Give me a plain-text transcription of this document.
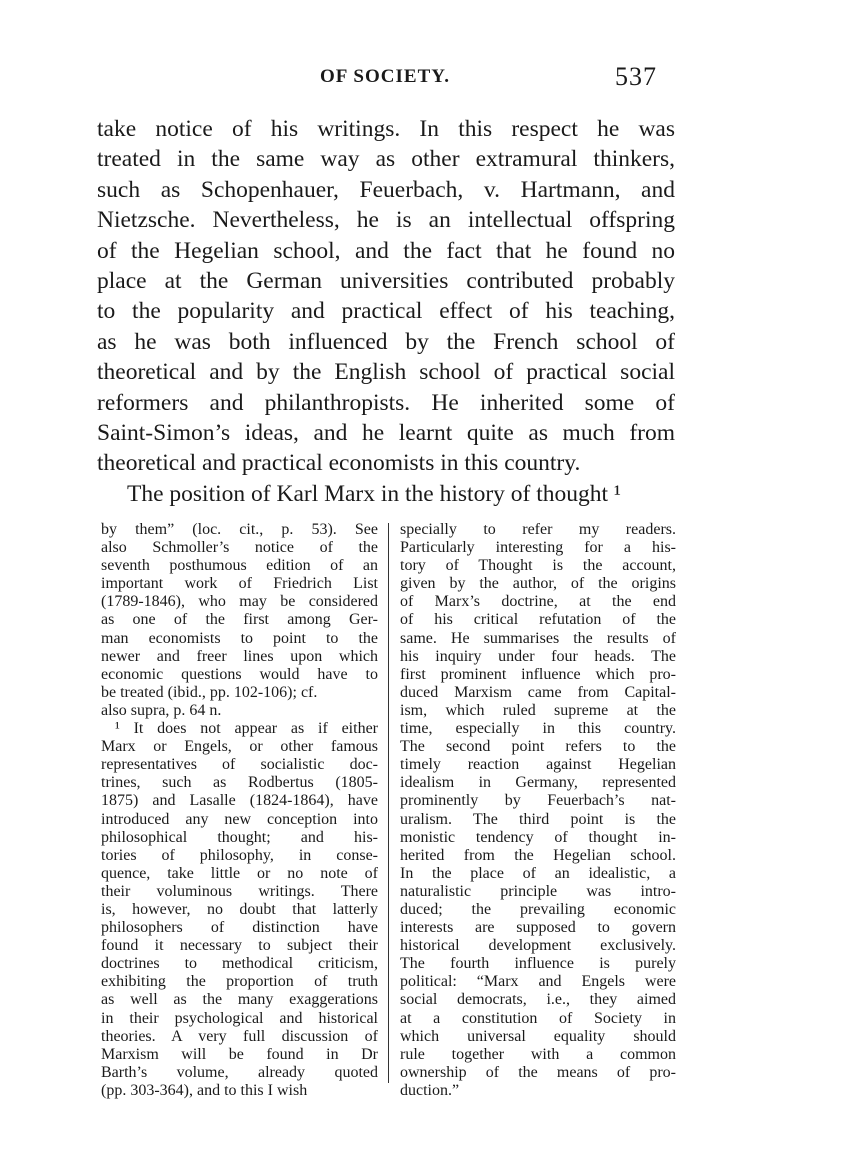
OF SOCIETY.	537
take notice of his writings. In this respect he was
treated in the same way as other extramural thinkers,
such as Schopenhauer, Feuerbach, v. Hartmann, and
Nietzsche. Nevertheless, he is an intellectual offspring
of the Hegelian school, and the fact that he found no
place at the German universities contributed probably
to the popularity and practical effect of his teaching,
as he was both influenced by the French school of
theoretical and by the English school of practical social
reformers and philanthropists. He inherited some of
Saint-Simon’s ideas, and he learnt quite as much from
theoretical and practical economists in this country.
The position of Karl Marx in the history of thought ¹
by them” (loc. cit., p. 53). See
also Schmoller’s notice of the
seventh posthumous edition of an
important work of Friedrich List
(1789-1846), who may be considered
as one of the first among Ger-
man economists to point to the
newer and freer lines upon which
economic questions would have to
be treated (ibid., pp. 102-106); cf.
also supra, p. 64 n.
¹ It does not appear as if either
Marx or Engels, or other famous
representatives of socialistic doc-
trines, such as Rodbertus (1805-
1875) and Lasalle (1824-1864), have
introduced any new conception into
philosophical thought; and his-
tories of philosophy, in conse-
quence, take little or no note of
their voluminous writings. There
is, however, no doubt that latterly
philosophers of distinction have
found it necessary to subject their
doctrines to methodical criticism,
exhibiting the proportion of truth
as well as the many exaggerations
in their psychological and historical
theories. A very full discussion of
Marxism will be found in Dr
Barth’s volume, already quoted
(pp. 303-364), and to this I wish
specially to refer my readers.
Particularly interesting for a his-
tory of Thought is the account,
given by the author, of the origins
of Marx’s doctrine, at the end
of his critical refutation of the
same. He summarises the results of
his inquiry under four heads. The
first prominent influence which pro-
duced Marxism came from Capital-
ism, which ruled supreme at the
time, especially in this country.
The second point refers to the
timely reaction against Hegelian
idealism in Germany, represented
prominently by Feuerbach’s nat-
uralism. The third point is the
monistic tendency of thought in-
herited from the Hegelian school.
In the place of an idealistic, a
naturalistic principle was intro-
duced; the prevailing economic
interests are supposed to govern
historical development exclusively.
The fourth influence is purely
political: “Marx and Engels were
social democrats, i.e., they aimed
at a constitution of Society in
which universal equality should
rule together with a common
ownership of the means of pro-
duction.”
